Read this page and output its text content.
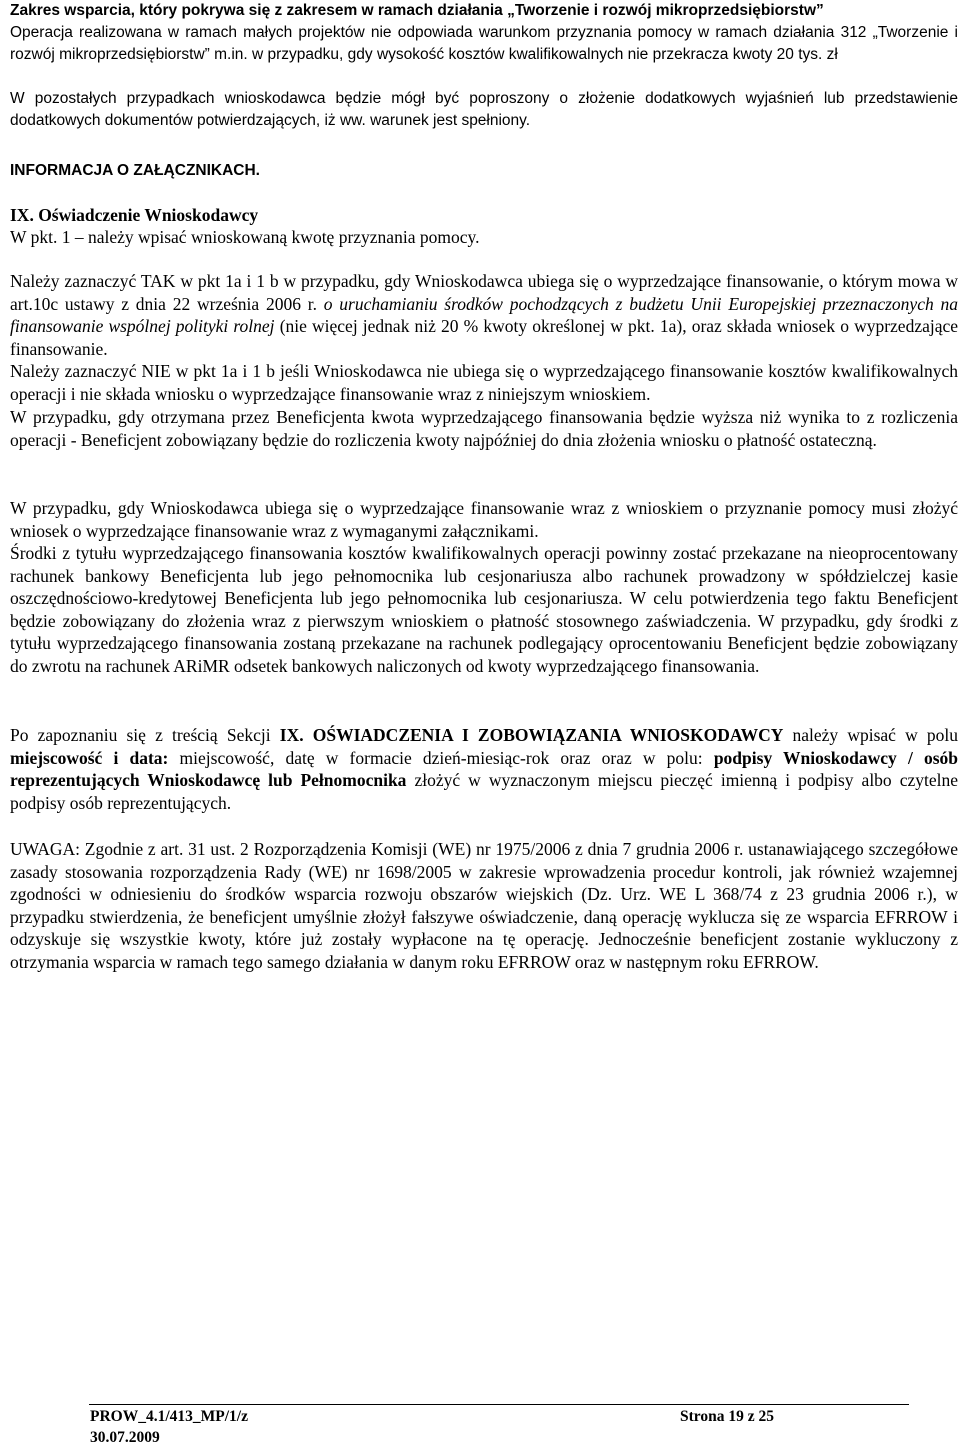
Zakres wsparcia, który pokrywa się z zakresem w ramach działania „Tworzenie i rozwój mikroprzedsiębiorstw”

Operacja realizowana w ramach małych projektów nie odpowiada warunkom przyznania pomocy w ramach działania 312 „Tworzenie i rozwój mikroprzedsiębiorstw” m.in. w przypadku, gdy wysokość kosztów kwalifikowalnych nie przekracza kwoty 20 tys. zł

W pozostałych przypadkach wnioskodawca będzie mógł być poproszony o złożenie dodatkowych wyjaśnień lub przedstawienie dodatkowych dokumentów potwierdzających, iż ww. warunek jest spełniony.

INFORMACJA O ZAŁĄCZNIKACH.

IX. Oświadczenie Wnioskodawcy

W pkt. 1 – należy wpisać wnioskowaną kwotę przyznania pomocy.

Należy zaznaczyć TAK w pkt 1a i 1 b w przypadku, gdy Wnioskodawca ubiega się o wyprzedzające finansowanie, o którym mowa w art.10c ustawy z dnia 22 września 2006 r. o uruchamianiu środków pochodzących z budżetu Unii Europejskiej przeznaczonych na finansowanie wspólnej polityki rolnej (nie więcej jednak niż 20 % kwoty określonej w pkt. 1a), oraz składa wniosek o wyprzedzające finansowanie.

Należy zaznaczyć NIE w pkt 1a i 1 b jeśli Wnioskodawca nie ubiega się o wyprzedzającego finansowanie kosztów kwalifikowalnych operacji i nie składa wniosku o wyprzedzające finansowanie wraz z niniejszym wnioskiem.

W przypadku, gdy otrzymana przez Beneficjenta kwota wyprzedzającego finansowania będzie wyższa niż wynika to z rozliczenia operacji - Beneficjent zobowiązany będzie do rozliczenia kwoty najpóźniej do dnia złożenia wniosku o płatność ostateczną.

W przypadku, gdy Wnioskodawca ubiega się o wyprzedzające finansowanie wraz z wnioskiem o przyznanie pomocy musi złożyć wniosek o wyprzedzające finansowanie wraz z wymaganymi załącznikami.

Środki z tytułu wyprzedzającego finansowania kosztów kwalifikowalnych operacji powinny zostać przekazane na nieoprocentowany rachunek bankowy Beneficjenta lub jego pełnomocnika lub cesjonariusza albo rachunek prowadzony w spółdzielczej kasie oszczędnościowo-kredytowej Beneficjenta lub jego pełnomocnika lub cesjonariusza. W celu potwierdzenia tego faktu Beneficjent będzie zobowiązany do złożenia wraz z pierwszym wnioskiem o płatność stosownego zaświadczenia. W przypadku, gdy środki z tytułu wyprzedzającego finansowania zostaną przekazane na rachunek podlegający oprocentowaniu Beneficjent będzie zobowiązany do zwrotu na rachunek ARiMR odsetek bankowych naliczonych od kwoty wyprzedzającego finansowania.

Po zapoznaniu się z treścią Sekcji IX. OŚWIADCZENIA I ZOBOWIĄZANIA WNIOSKODAWCY należy wpisać w polu miejscowość i data: miejscowość, datę w formacie dzień-miesiąc-rok oraz oraz w polu: podpisy Wnioskodawcy / osób reprezentujących Wnioskodawcę lub Pełnomocnika złożyć w wyznaczonym miejscu pieczęć imienną i podpisy albo czytelne podpisy osób reprezentujących.

UWAGA: Zgodnie z art. 31 ust. 2 Rozporządzenia Komisji (WE) nr 1975/2006 z dnia 7 grudnia 2006 r. ustanawiającego szczegółowe zasady stosowania rozporządzenia Rady (WE) nr 1698/2005 w zakresie wprowadzenia procedur kontroli, jak również wzajemnej zgodności w odniesieniu do środków wsparcia rozwoju obszarów wiejskich (Dz. Urz. WE L 368/74 z 23 grudnia 2006 r.), w przypadku stwierdzenia, że beneficjent umyślnie złożył fałszywe oświadczenie, daną operację wyklucza się ze wsparcia EFRROW i odzyskuje się wszystkie kwoty, które już zostały wypłacone na tę operację. Jednocześnie beneficjent zostanie wykluczony z otrzymania wsparcia w ramach tego samego działania w danym roku EFRROW oraz w następnym roku EFRROW.

PROW_4.1/413_MP/1/z
30.07.2009
Strona 19 z 25
